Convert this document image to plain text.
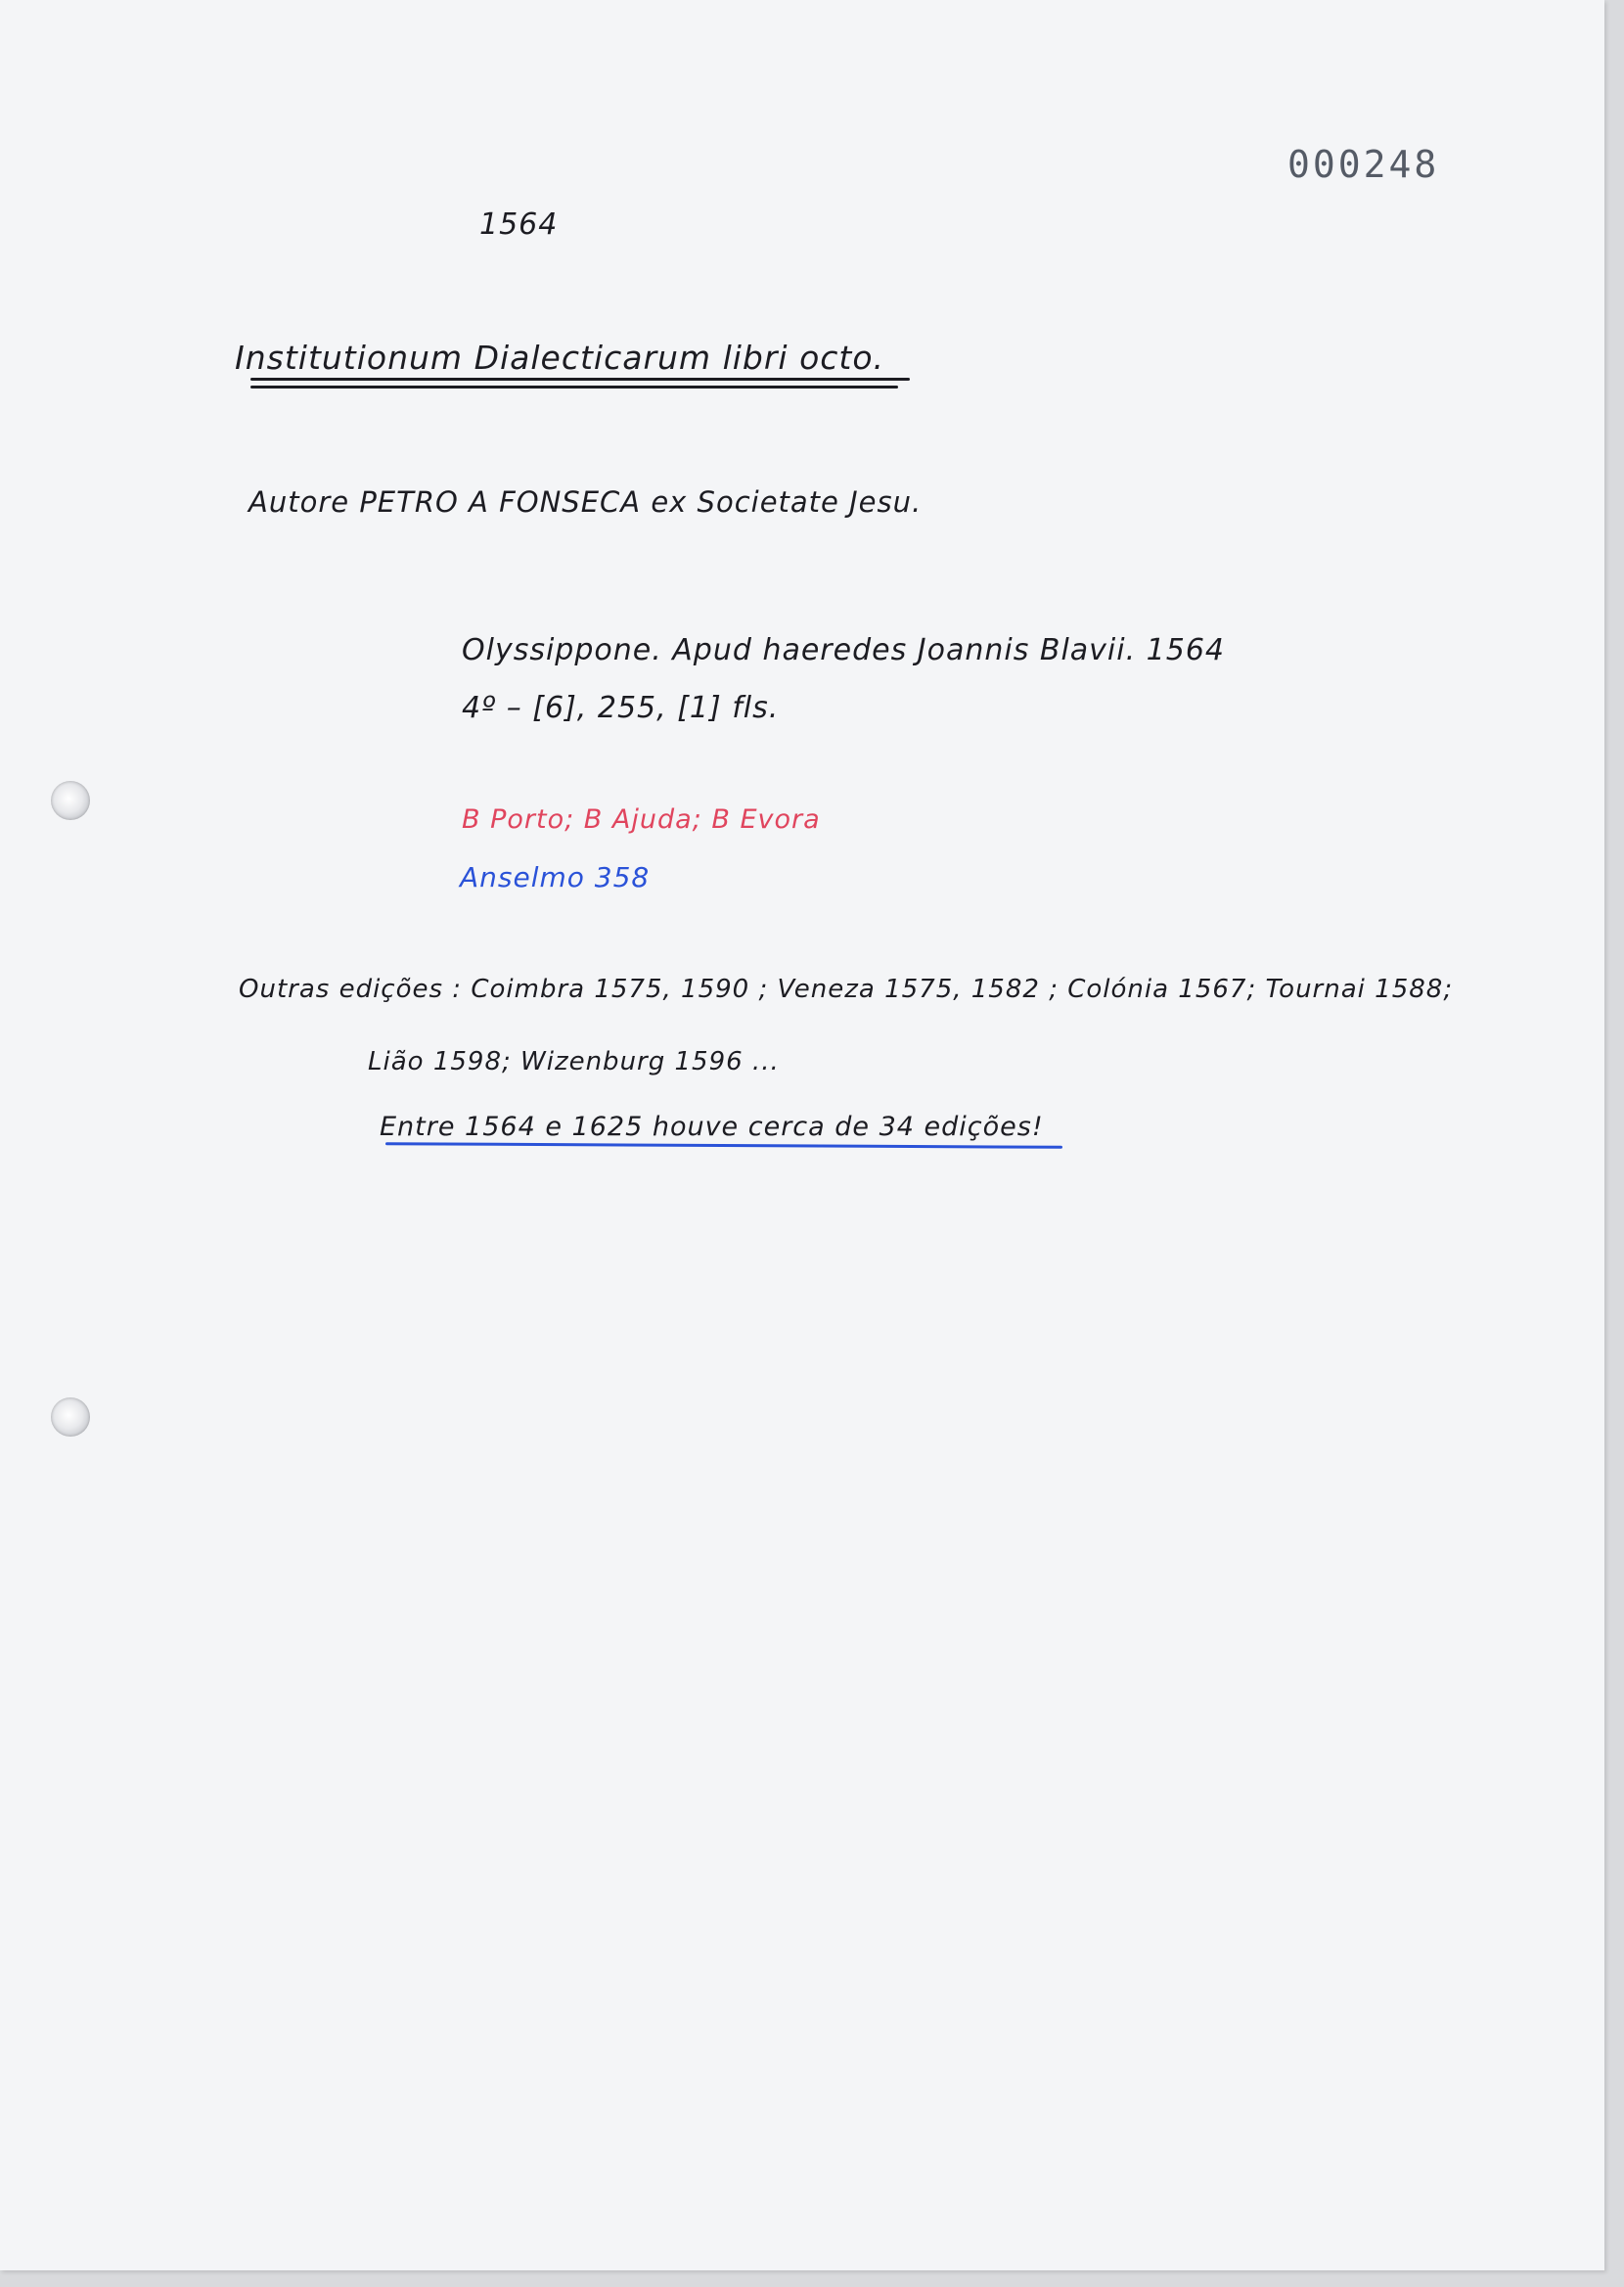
000248
1564
Institutionum Dialecticarum libri octo.
Autore PETRO A FONSECA ex Societate Jesu.
Olyssippone. Apud haeredes Joannis Blavii. 1564
4º – [6], 255, [1] fls.
B Porto; B Ajuda; B Evora
Anselmo 358
Outras edições : Coimbra 1575, 1590 ; Veneza 1575, 1582 ; Colónia 1567; Tournai 1588;
Lião 1598; Wizenburg 1596 ...
Entre 1564 e 1625 houve cerca de 34 edições!
